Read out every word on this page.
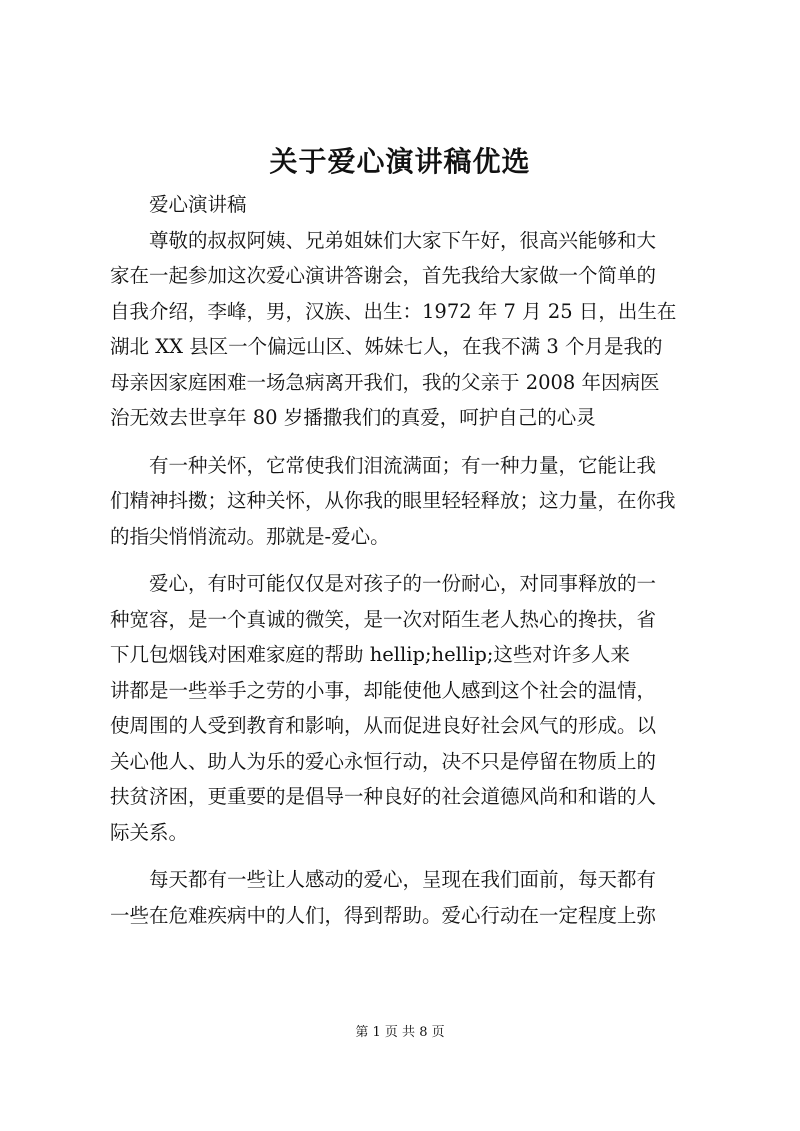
关于爱心演讲稿优选
爱心演讲稿
尊敬的叔叔阿姨、兄弟姐妹们大家下午好，很高兴能够和大
家在一起参加这次爱心演讲答谢会，首先我给大家做一个简单的
自我介绍，李峰，男，汉族、出生：1972 年 7 月 25 日，出生在
湖北 XX 县区一个偏远山区、姊妹七人，在我不满 3 个月是我的
母亲因家庭困难一场急病离开我们，我的父亲于 2008 年因病医
治无效去世享年 80 岁播撒我们的真爱，呵护自己的心灵
有一种关怀，它常使我们泪流满面；有一种力量，它能让我
们精神抖擞；这种关怀，从你我的眼里轻轻释放；这力量，在你我
的指尖悄悄流动。那就是-爱心。
爱心，有时可能仅仅是对孩子的一份耐心，对同事释放的一
种宽容，是一个真诚的微笑，是一次对陌生老人热心的搀扶，省
下几包烟钱对困难家庭的帮助 hellip;hellip;这些对许多人来
讲都是一些举手之劳的小事，却能使他人感到这个社会的温情，
使周围的人受到教育和影响，从而促进良好社会风气的形成。以
关心他人、助人为乐的爱心永恒行动，决不只是停留在物质上的
扶贫济困，更重要的是倡导一种良好的社会道德风尚和和谐的人
际关系。
每天都有一些让人感动的爱心，呈现在我们面前，每天都有
一些在危难疾病中的人们，得到帮助。爱心行动在一定程度上弥
第 1 页 共 8 页
